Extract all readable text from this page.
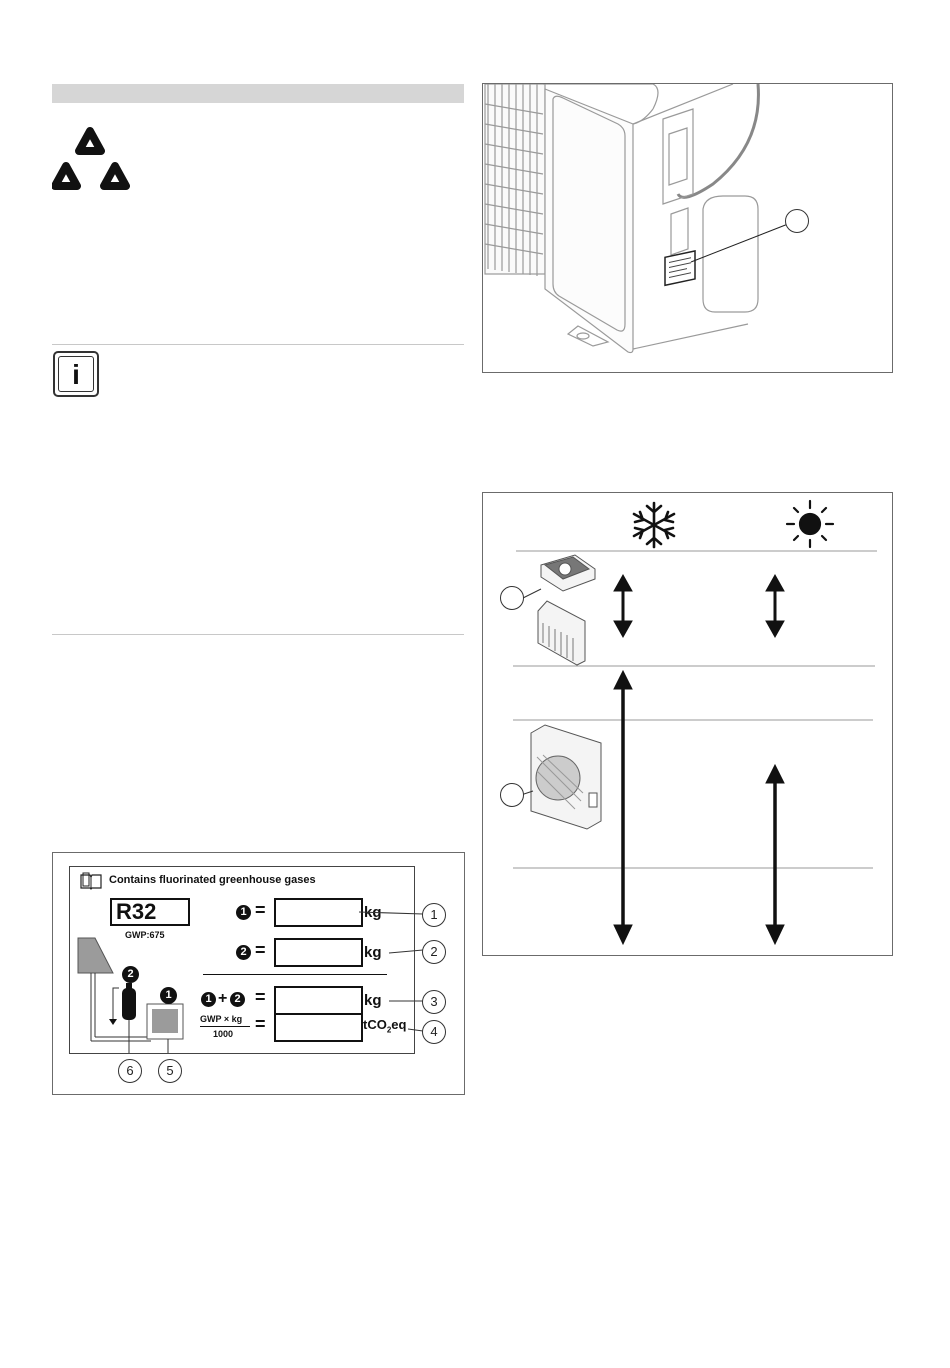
i
Contains fluorinated greenhouse gases
R32
GWP:675
1 =	kg
2 =	kg
1 + 2 =	kg
GWP × kg
1000 =	tCO$_2$eq
2
1
1
2
3
4
5
6
